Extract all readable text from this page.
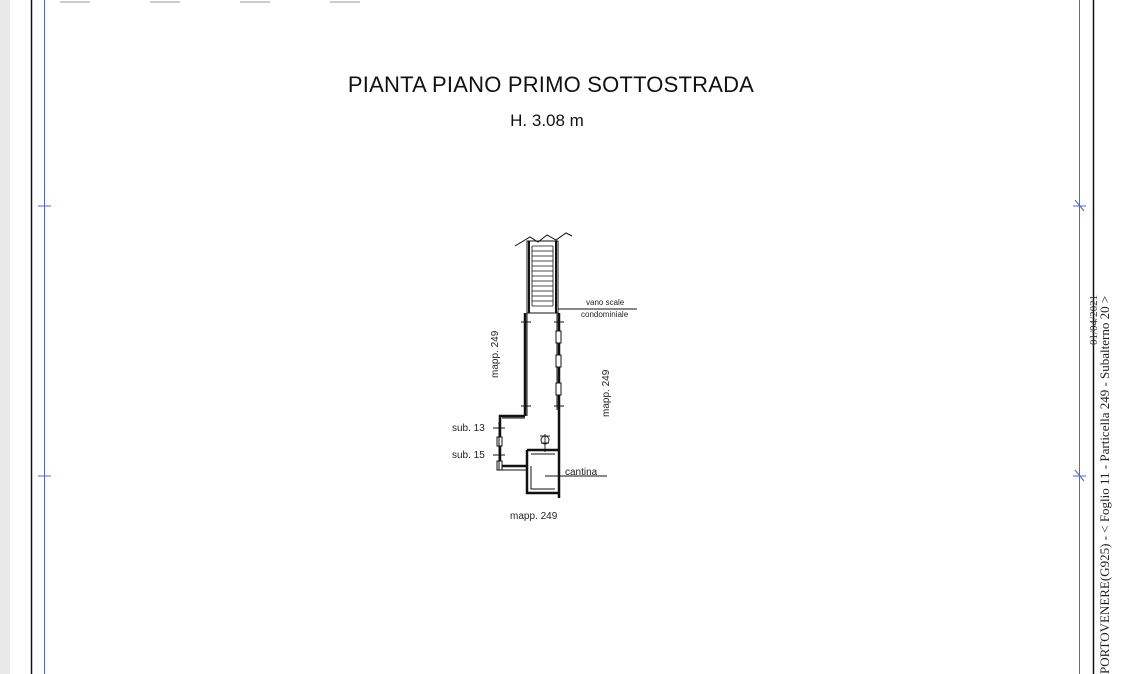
PIANTA PIANO PRIMO SOTTOSTRADA
H. 3.08 m
vano scale
condominiale
mapp. 249
mapp. 249
mapp. 249
sub. 13
sub. 15
cantina
01/04/2021
PORTOVENERE(G925) - < Foglio 11 - Particella 249 - Subalterno 20 >
